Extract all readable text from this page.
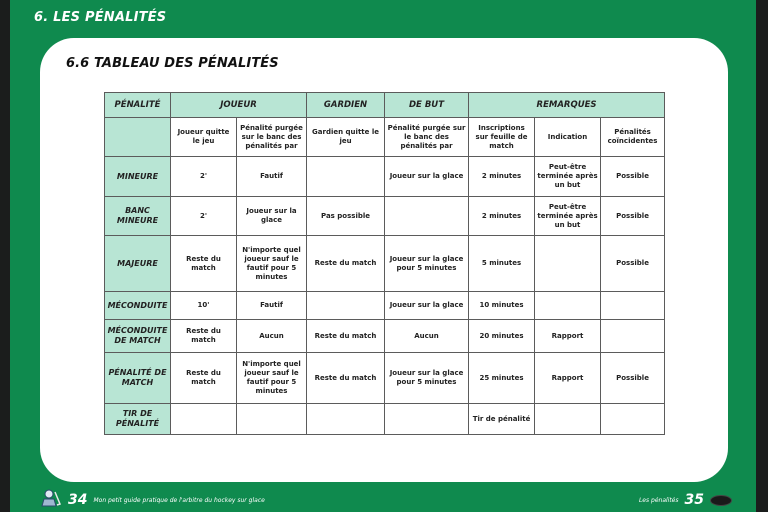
6. LES PÉNALITÉS
6.6 TABLEAU DES PÉNALITÉS
PÉNALITÉ	JOUEUR		GARDIEN	DE BUT	REMARQUES		
	Joueur quitte le jeu	Pénalité purgée sur le banc des pénalités par	Gardien quitte le jeu	Pénalité purgée sur le banc des pénalités par	Inscriptions sur feuille de match	Indication	Pénalités coïncidentes
MINEURE	2'	Fautif		Joueur sur la glace	2 minutes	Peut-être terminée après un but	Possible
BANC MINEURE	2'	Joueur sur la glace	Pas possible		2 minutes	Peut-être terminée après un but	Possible
MAJEURE	Reste du match	N'importe quel joueur sauf le fautif pour 5 minutes	Reste du match	Joueur sur la glace pour 5 minutes	5 minutes		Possible
MÉCONDUITE	10'	Fautif		Joueur sur la glace	10 minutes		
MÉCONDUITE DE MATCH	Reste du match	Aucun	Reste du match	Aucun	20 minutes	Rapport	
PÉNALITÉ DE MATCH	Reste du match	N'importe quel joueur sauf le fautif pour 5 minutes	Reste du match	Joueur sur la glace pour 5 minutes	25 minutes	Rapport	Possible
TIR DE PÉNALITÉ					Tir de pénalité		
34 Mon petit guide pratique de l'arbitre du hockey sur glace	Les pénalités 35
